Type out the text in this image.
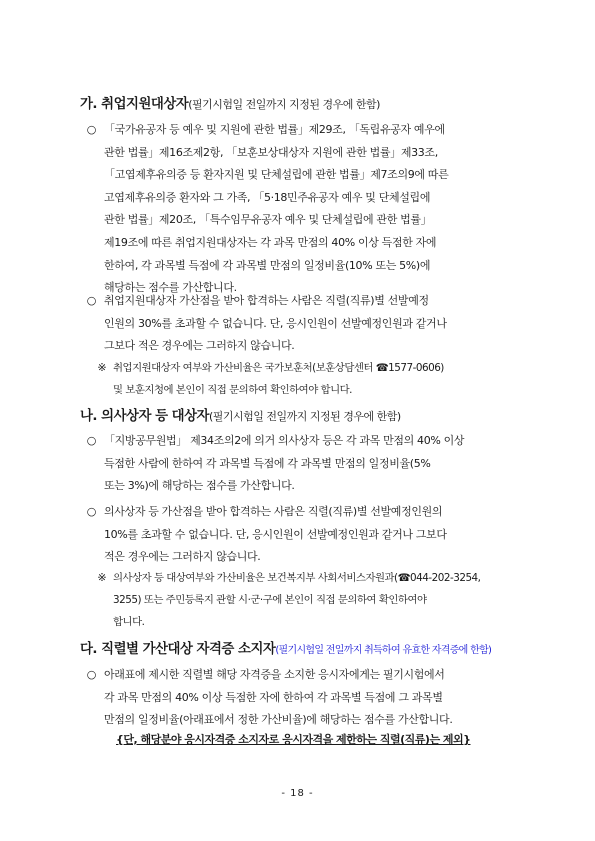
가. 취업지원대상자(필기시험일 전일까지 지정된 경우에 한함)
○ 「국가유공자 등 예우 및 지원에 관한 법률」제29조, 「독립유공자 예우에
관한 법률」제16조제2항, 「보훈보상대상자 지원에 관한 법률」제33조,
「고엽제후유의증 등 환자지원 및 단체설립에 관한 법률」제7조의9에 따른
고엽제후유의증 환자와 그 가족, 「5·18민주유공자 예우 및 단체설립에
관한 법률」제20조, 「특수임무유공자 예우 및 단체설립에 관한 법률」
제19조에 따른 취업지원대상자는 각 과목 만점의 40% 이상 득점한 자에
한하여, 각 과목별 득점에 각 과목별 만점의 일정비율(10% 또는 5%)에
해당하는 점수를 가산합니다.
○ 취업지원대상자 가산점을 받아 합격하는 사람은 직렬(직류)별 선발예정
인원의 30%를 초과할 수 없습니다. 단, 응시인원이 선발예정인원과 같거나
그보다 적은 경우에는 그러하지 않습니다.
※ 취업지원대상자 여부와 가산비율은 국가보훈처(보훈상담센터 ☎1577-0606)
및 보훈지청에 본인이 직접 문의하여 확인하여야 합니다.
나. 의사상자 등 대상자(필기시험일 전일까지 지정된 경우에 한함)
○ 「지방공무원법」 제34조의2에 의거 의사상자 등은 각 과목 만점의 40% 이상
득점한 사람에 한하여 각 과목별 득점에 각 과목별 만점의 일정비율(5%
또는 3%)에 해당하는 점수를 가산합니다.
○ 의사상자 등 가산점을 받아 합격하는 사람은 직렬(직류)별 선발예정인원의
10%를 초과할 수 없습니다. 단, 응시인원이 선발예정인원과 같거나 그보다
적은 경우에는 그러하지 않습니다.
※ 의사상자 등 대상여부와 가산비율은 보건복지부 사회서비스자원과(☎044-202-3254,
3255) 또는 주민등록지 관할 시·군·구에 본인이 직접 문의하여 확인하여야
합니다.
다. 직렬별 가산대상 자격증 소지자(필기시험일 전일까지 취득하여 유효한 자격증에 한함)
○ 아래표에 제시한 직렬별 해당 자격증을 소지한 응시자에게는 필기시험에서
각 과목 만점의 40% 이상 득점한 자에 한하여 각 과목별 득점에 그 과목별
만점의 일정비율(아래표에서 정한 가산비율)에 해당하는 점수를 가산합니다.
{단, 해당분야 응시자격증 소지자로 응시자격을 제한하는 직렬(직류)는 제외}
- 18 -
